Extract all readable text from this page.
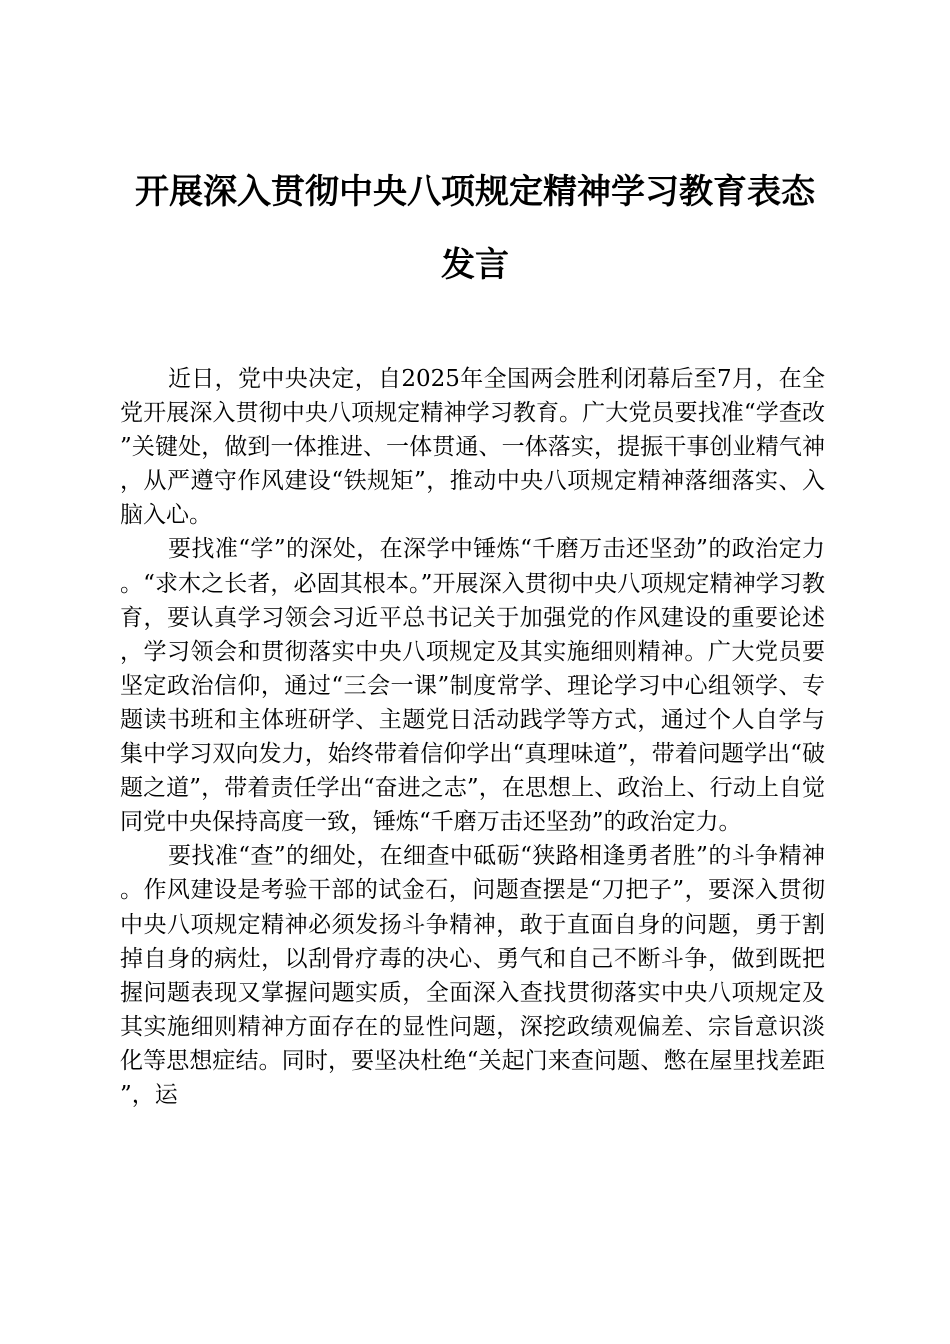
开展深入贯彻中央八项规定精神学习教育表态
发言

近日，党中央决定，自2025年全国两会胜利闭幕后至7月，在全党开展深入贯彻中央八项规定精神学习教育。广大党员要找准“学查改”关键处，做到一体推进、一体贯通、一体落实，提振干事创业精气神，从严遵守作风建设“铁规矩”，推动中央八项规定精神落细落实、入脑入心。

要找准“学”的深处，在深学中锤炼“千磨万击还坚劲”的政治定力。“求木之长者，必固其根本。”开展深入贯彻中央八项规定精神学习教育，要认真学习领会习近平总书记关于加强党的作风建设的重要论述，学习领会和贯彻落实中央八项规定及其实施细则精神。广大党员要坚定政治信仰，通过“三会一课”制度常学、理论学习中心组领学、专题读书班和主体班研学、主题党日活动践学等方式，通过个人自学与集中学习双向发力，始终带着信仰学出“真理味道”，带着问题学出“破题之道”，带着责任学出“奋进之志”，在思想上、政治上、行动上自觉同党中央保持高度一致，锤炼“千磨万击还坚劲”的政治定力。

要找准“查”的细处，在细查中砥砺“狭路相逢勇者胜”的斗争精神。作风建设是考验干部的试金石，问题查摆是“刀把子”，要深入贯彻中央八项规定精神必须发扬斗争精神，敢于直面自身的问题，勇于割掉自身的病灶，以刮骨疗毒的决心、勇气和自己不断斗争，做到既把握问题表现又掌握问题实质，全面深入查找贯彻落实中央八项规定及其实施细则精神方面存在的显性问题，深挖政绩观偏差、宗旨意识淡化等思想症结。同时，要坚决杜绝“关起门来查问题、憋在屋里找差距”，运
